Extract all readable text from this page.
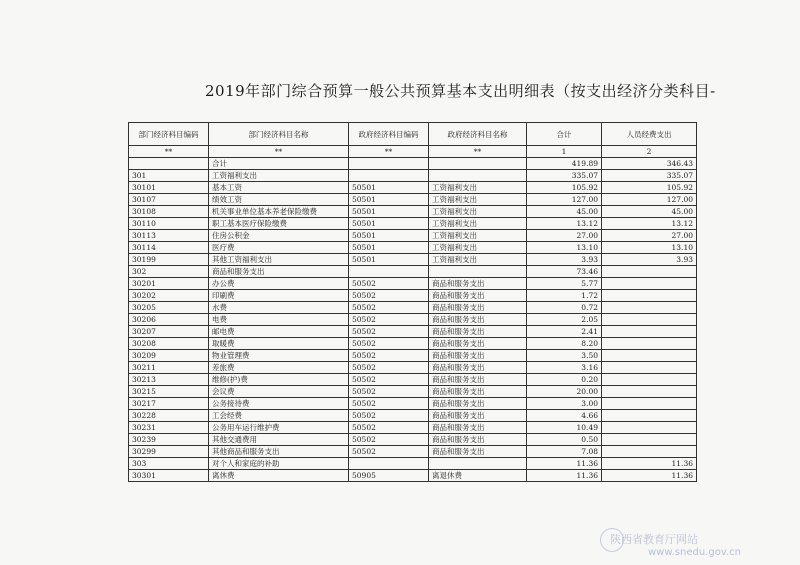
2019年部门综合预算一般公共预算基本支出明细表（按支出经济分类科目-
部门经济科目编码	部门经济科目名称	政府经济科目编码	政府经济科目名称	合计	人员经费支出
**	**	**	**	1	2
	合计			419.89	346.43
301	工资福利支出			335.07	335.07
30101	基本工资	50501	工资福利支出	105.92	105.92
30107	绩效工资	50501	工资福利支出	127.00	127.00
30108	机关事业单位基本养老保险缴费	50501	工资福利支出	45.00	45.00
30110	职工基本医疗保险缴费	50501	工资福利支出	13.12	13.12
30113	住房公积金	50501	工资福利支出	27.00	27.00
30114	医疗费	50501	工资福利支出	13.10	13.10
30199	其他工资福利支出	50501	工资福利支出	3.93	3.93
302	商品和服务支出			73.46	
30201	办公费	50502	商品和服务支出	5.77	
30202	印刷费	50502	商品和服务支出	1.72	
30205	水费	50502	商品和服务支出	0.72	
30206	电费	50502	商品和服务支出	2.05	
30207	邮电费	50502	商品和服务支出	2.41	
30208	取暖费	50502	商品和服务支出	8.20	
30209	物业管理费	50502	商品和服务支出	3.50	
30211	差旅费	50502	商品和服务支出	3.16	
30213	维修(护)费	50502	商品和服务支出	0.20	
30215	会议费	50502	商品和服务支出	20.00	
30217	公务接待费	50502	商品和服务支出	3.00	
30228	工会经费	50502	商品和服务支出	4.66	
30231	公务用车运行维护费	50502	商品和服务支出	10.49	
30239	其他交通费用	50502	商品和服务支出	0.50	
30299	其他商品和服务支出	50502	商品和服务支出	7.08	
303	对个人和家庭的补助			11.36	11.36
30301	离休费	50905	离退休费	11.36	11.36
陕西省教育厅网站
www.snedu.gov.cn
